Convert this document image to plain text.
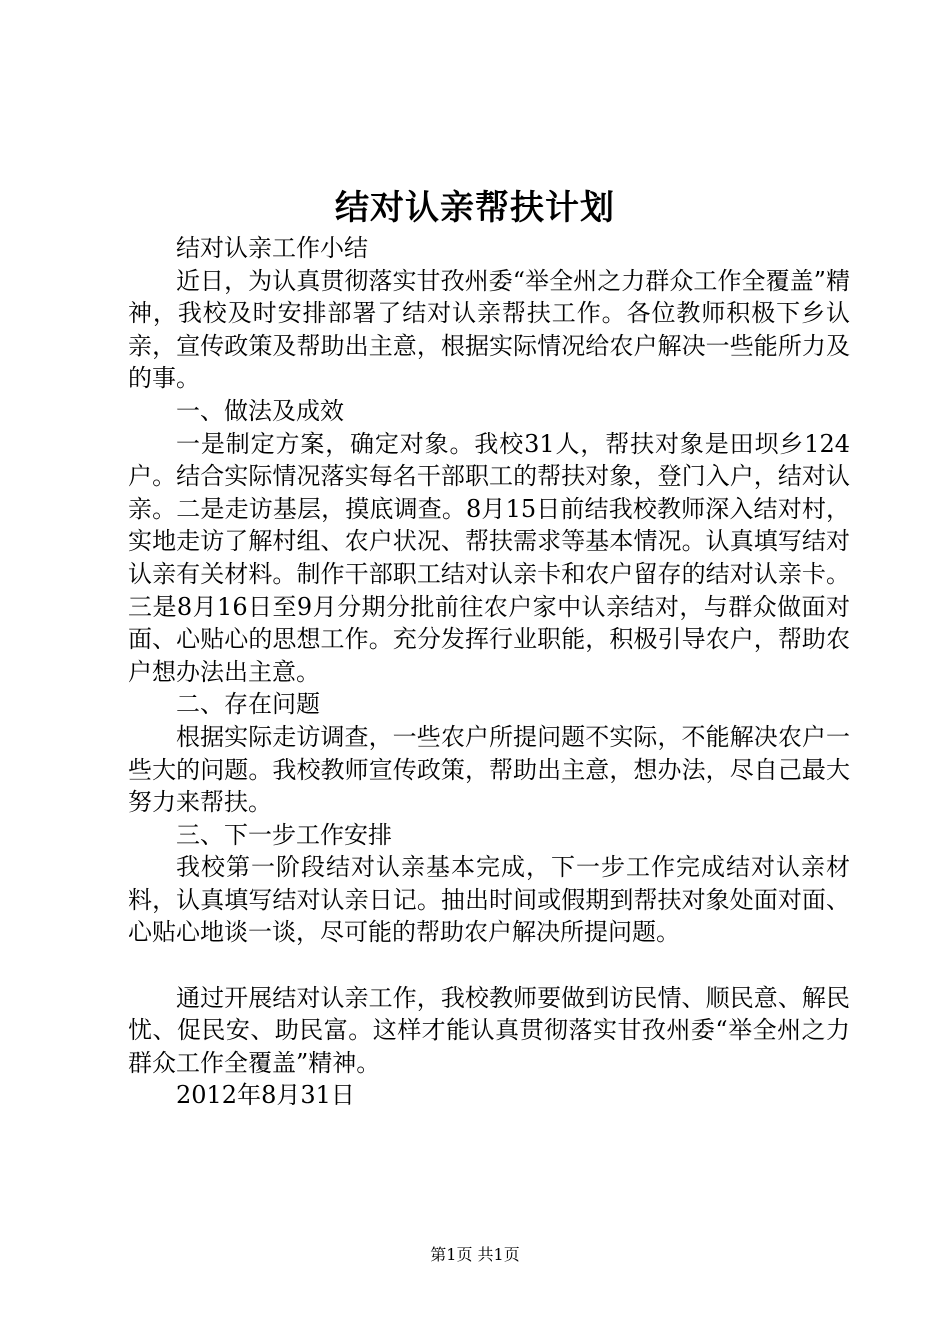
结对认亲帮扶计划

结对认亲工作小结

近日，为认真贯彻落实甘孜州委“举全州之力群众工作全覆盖”精神，我校及时安排部署了结对认亲帮扶工作。各位教师积极下乡认亲，宣传政策及帮助出主意，根据实际情况给农户解决一些能所力及的事。

一、做法及成效

一是制定方案，确定对象。我校31人，帮扶对象是田坝乡124户。结合实际情况落实每名干部职工的帮扶对象，登门入户，结对认亲。二是走访基层，摸底调查。8月15日前结我校教师深入结对村，实地走访了解村组、农户状况、帮扶需求等基本情况。认真填写结对认亲有关材料。制作干部职工结对认亲卡和农户留存的结对认亲卡。三是8月16日至9月分期分批前往农户家中认亲结对，与群众做面对面、心贴心的思想工作。充分发挥行业职能，积极引导农户，帮助农户想办法出主意。

二、存在问题

根据实际走访调查，一些农户所提问题不实际，不能解决农户一些大的问题。我校教师宣传政策，帮助出主意，想办法，尽自己最大努力来帮扶。

三、下一步工作安排

我校第一阶段结对认亲基本完成，下一步工作完成结对认亲材料，认真填写结对认亲日记。抽出时间或假期到帮扶对象处面对面、心贴心地谈一谈，尽可能的帮助农户解决所提问题。

通过开展结对认亲工作，我校教师要做到访民情、顺民意、解民忧、促民安、助民富。这样才能认真贯彻落实甘孜州委“举全州之力群众工作全覆盖”精神。

2012年8月31日

第1页 共1页
